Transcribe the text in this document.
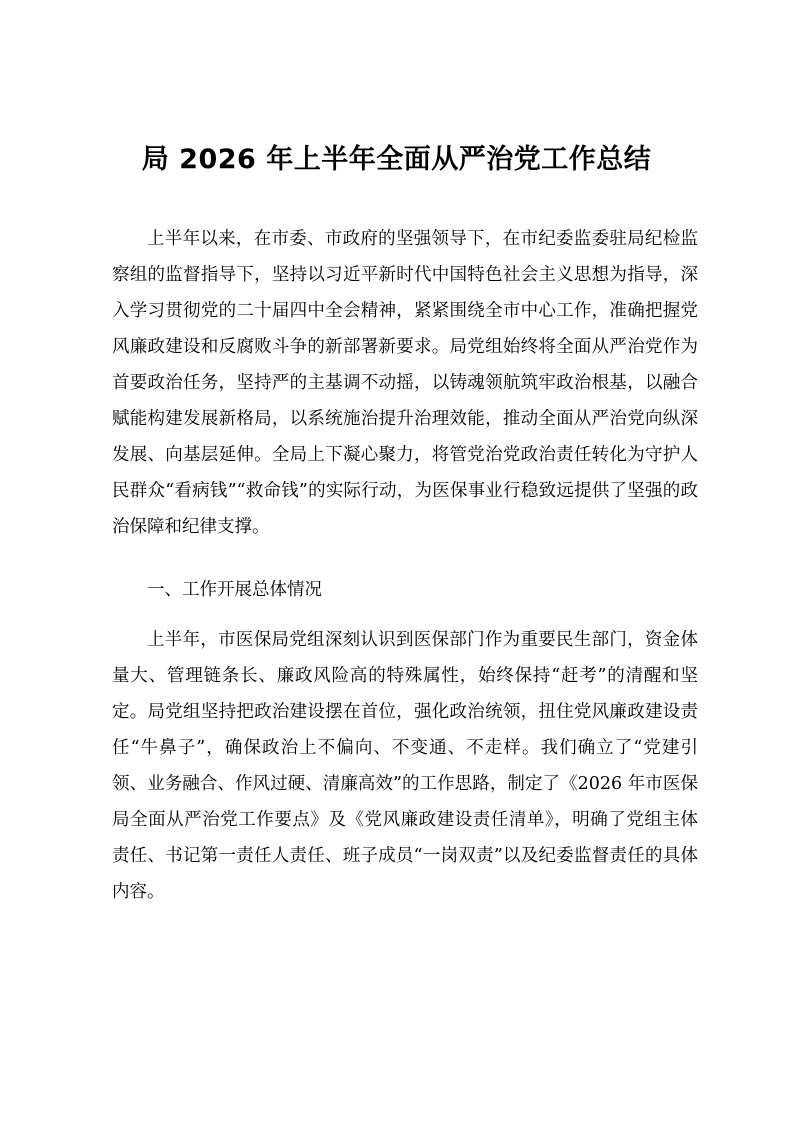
局 2026 年上半年全面从严治党工作总结

上半年以来，在市委、市政府的坚强领导下，在市纪委监委驻局纪检监察组的监督指导下，坚持以习近平新时代中国特色社会主义思想为指导，深入学习贯彻党的二十届四中全会精神，紧紧围绕全市中心工作，准确把握党风廉政建设和反腐败斗争的新部署新要求。局党组始终将全面从严治党作为首要政治任务，坚持严的主基调不动摇，以铸魂领航筑牢政治根基，以融合赋能构建发展新格局，以系统施治提升治理效能，推动全面从严治党向纵深发展、向基层延伸。全局上下凝心聚力，将管党治党政治责任转化为守护人民群众“看病钱”“救命钱”的实际行动，为医保事业行稳致远提供了坚强的政治保障和纪律支撑。

一、工作开展总体情况

上半年，市医保局党组深刻认识到医保部门作为重要民生部门，资金体量大、管理链条长、廉政风险高的特殊属性，始终保持“赶考”的清醒和坚定。局党组坚持把政治建设摆在首位，强化政治统领，扭住党风廉政建设责任“牛鼻子”，确保政治上不偏向、不变通、不走样。我们确立了“党建引领、业务融合、作风过硬、清廉高效”的工作思路，制定了《2026 年市医保局全面从严治党工作要点》及《党风廉政建设责任清单》，明确了党组主体责任、书记第一责任人责任、班子成员“一岗双责”以及纪委监督责任的具体内容。
